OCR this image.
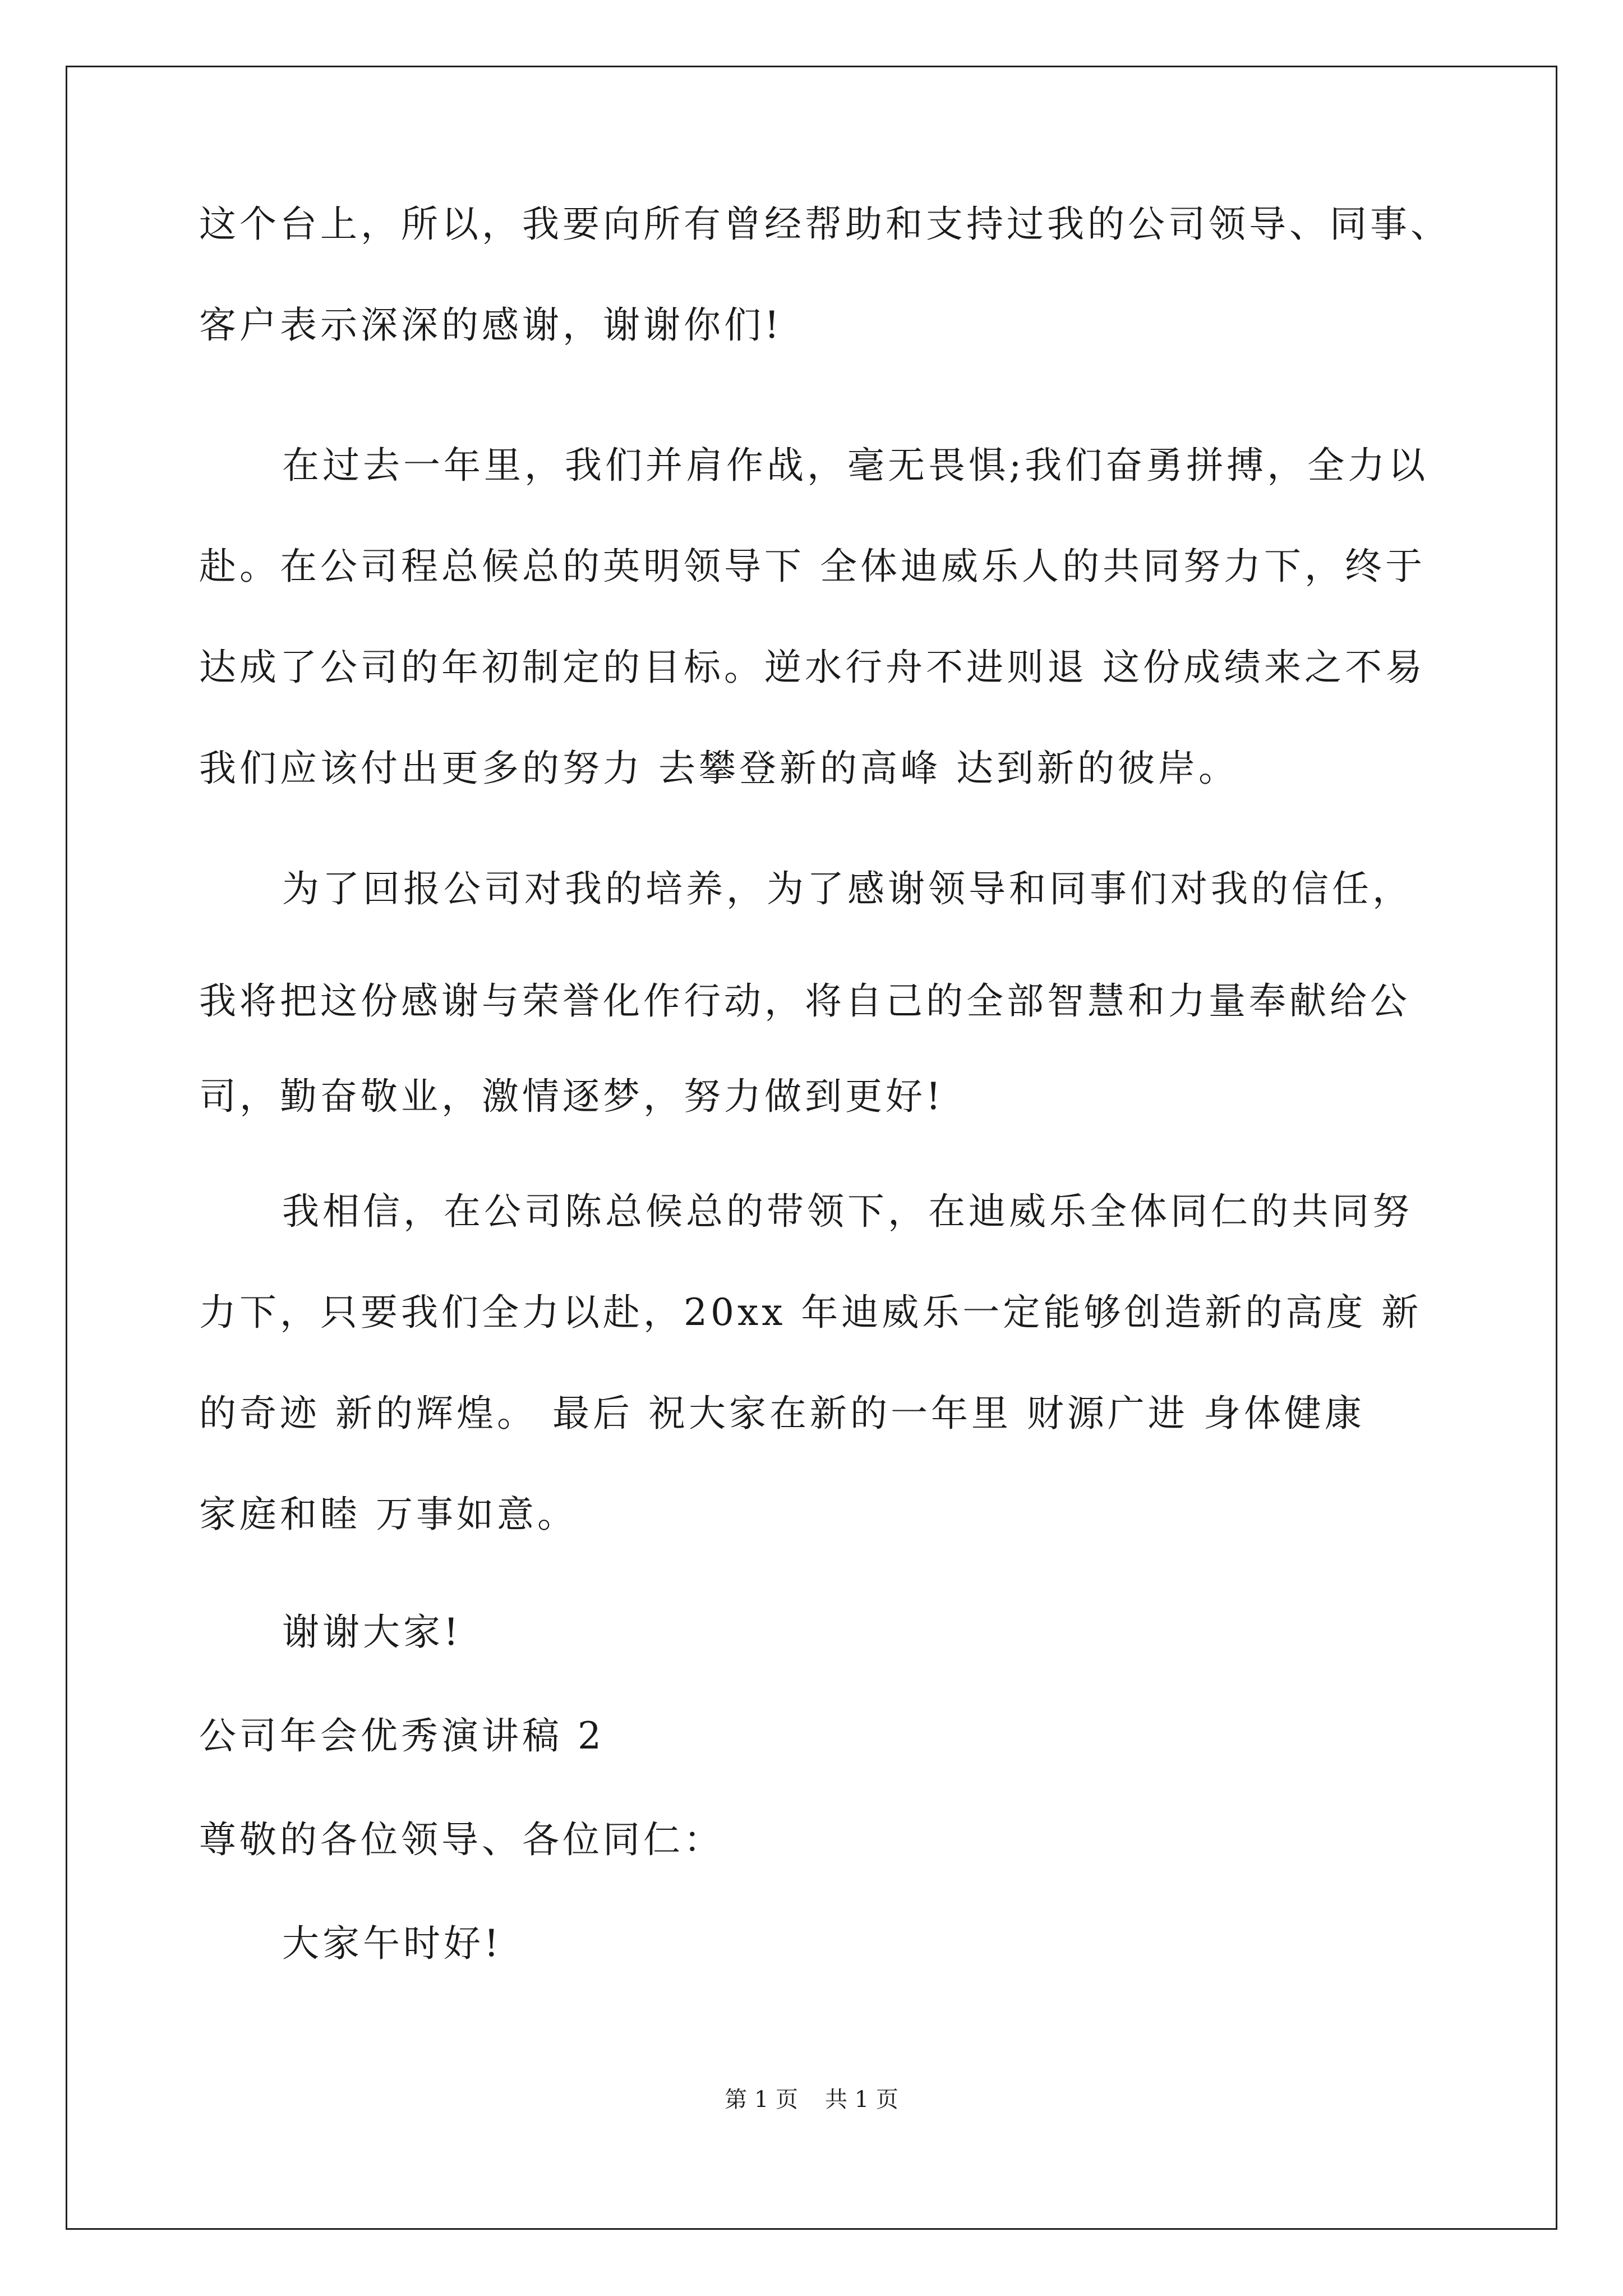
这个台上，所以，我要向所有曾经帮助和支持过我的公司领导、同事、
客户表示深深的感谢，谢谢你们!
在过去一年里，我们并肩作战，毫无畏惧;我们奋勇拼搏，全力以
赴。在公司程总候总的英明领导下 全体迪威乐人的共同努力下，终于
达成了公司的年初制定的目标。逆水行舟不进则退 这份成绩来之不易
我们应该付出更多的努力 去攀登新的高峰 达到新的彼岸。
为了回报公司对我的培养，为了感谢领导和同事们对我的信任，
我将把这份感谢与荣誉化作行动，将自己的全部智慧和力量奉献给公
司，勤奋敬业，激情逐梦，努力做到更好!
我相信，在公司陈总候总的带领下，在迪威乐全体同仁的共同努
力下，只要我们全力以赴，20xx 年迪威乐一定能够创造新的高度 新
的奇迹 新的辉煌。 最后 祝大家在新的一年里 财源广进 身体健康
家庭和睦 万事如意。
谢谢大家!
公司年会优秀演讲稿 2
尊敬的各位领导、各位同仁：
大家午时好!
第 1 页 共 1 页
